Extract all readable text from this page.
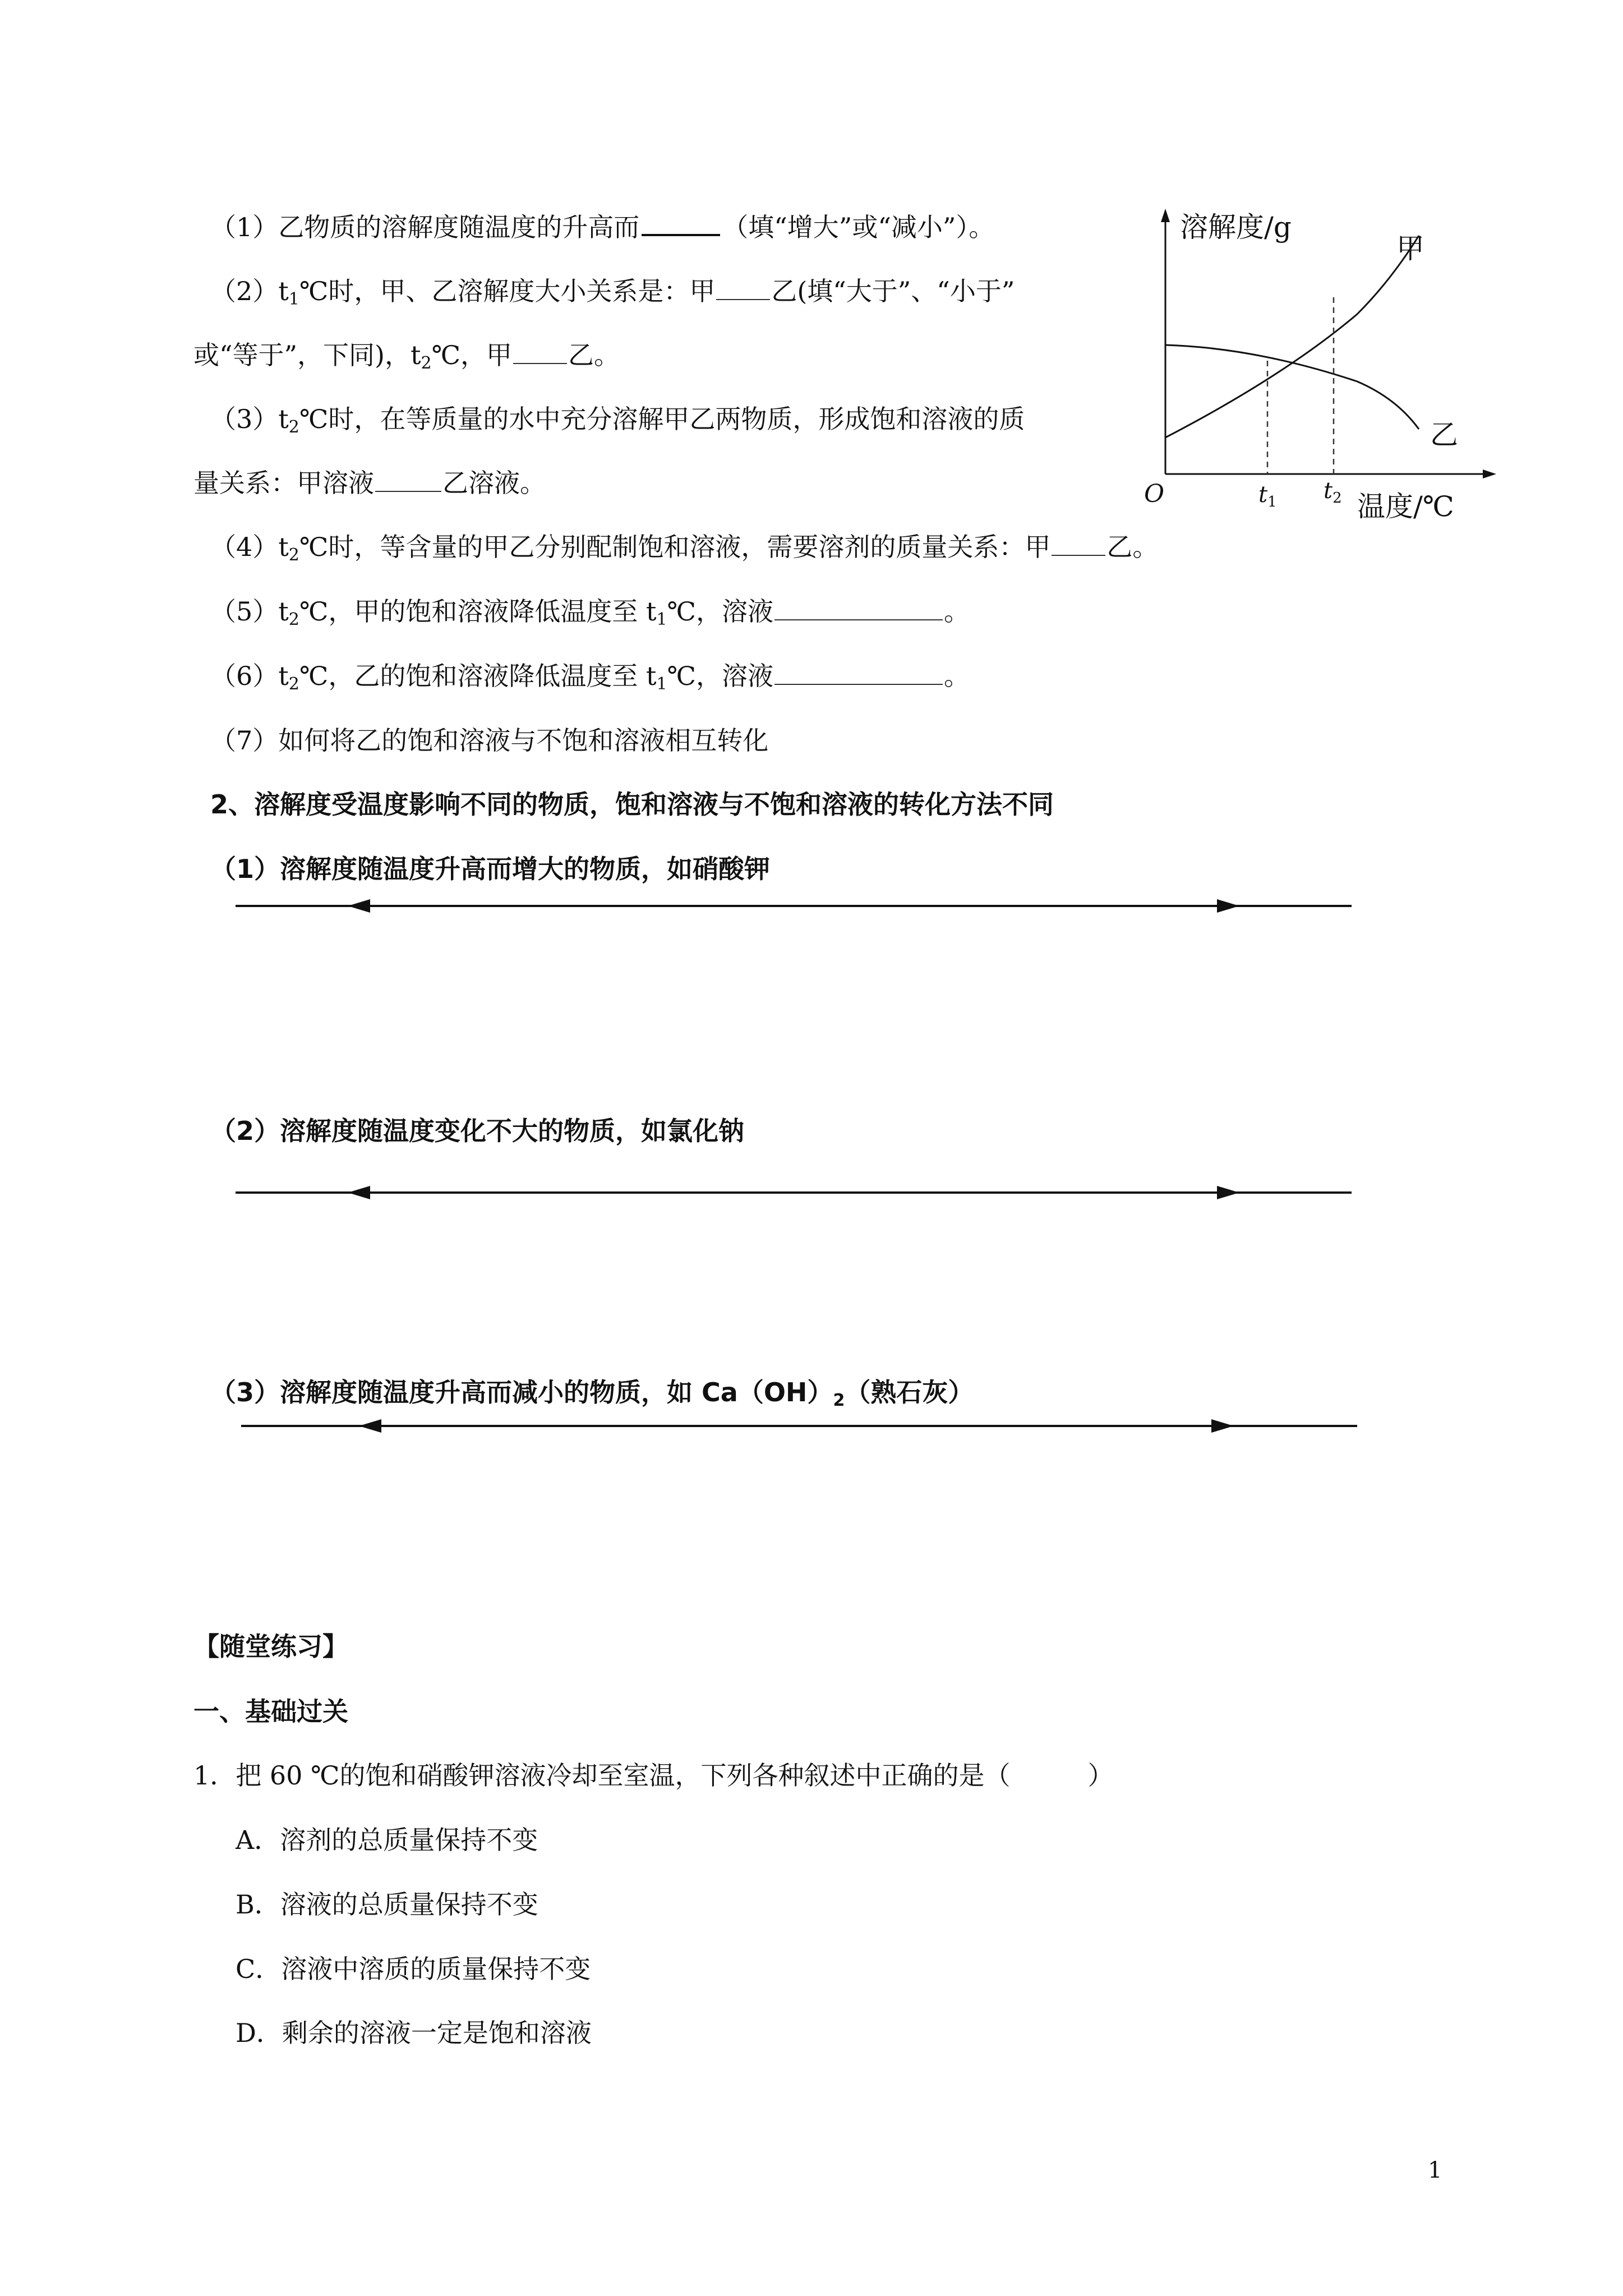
（1）乙物质的溶解度随温度的升高而	（填“增大”或“减小”）。
$(2)t_1℃$时，甲、乙溶解度大小关系是：甲 乙(填“大于”、“小于”
或“等于”，下同)，$t_2℃$，甲 乙。
$(3)t_2℃$时，在等质量的水中充分溶解甲乙两物质，形成饱和溶液的质
量关系：甲溶液	乙溶液。
$(4)t_2℃$时，等含量的甲乙分别配制饱和溶液，需要溶剂的质量关系：甲 乙。
$(5)t_2℃$，甲的饱和溶液降低温度至 $t_1℃$，溶液	。
$(6)t_2℃$，乙的饱和溶液降低温度至 $t_1℃$，溶液	。
（7）如何将乙的饱和溶液与不饱和溶液相互转化
2、溶解度受温度影响不同的物质，饱和溶液与不饱和溶液的转化方法不同
（1）溶解度随温度升高而增大的物质，如硝酸钾
（2）溶解度随温度变化不大的物质，如氯化钠
（3）溶解度随温度升高而减小的物质，如 $Ca(OH)_2$（熟石灰）
【随堂练习】
一、基础过关
1．把 60 ℃的饱和硝酸钾溶液冷却至室温，下列各种叙述中正确的是（　　　）
A．溶剂的总质量保持不变
B．溶液的总质量保持不变
C．溶液中溶质的质量保持不变
D．剩余的溶液一定是饱和溶液
溶解度/g
甲
乙
O	$t_1$ $t_2$ 温度/℃
1
